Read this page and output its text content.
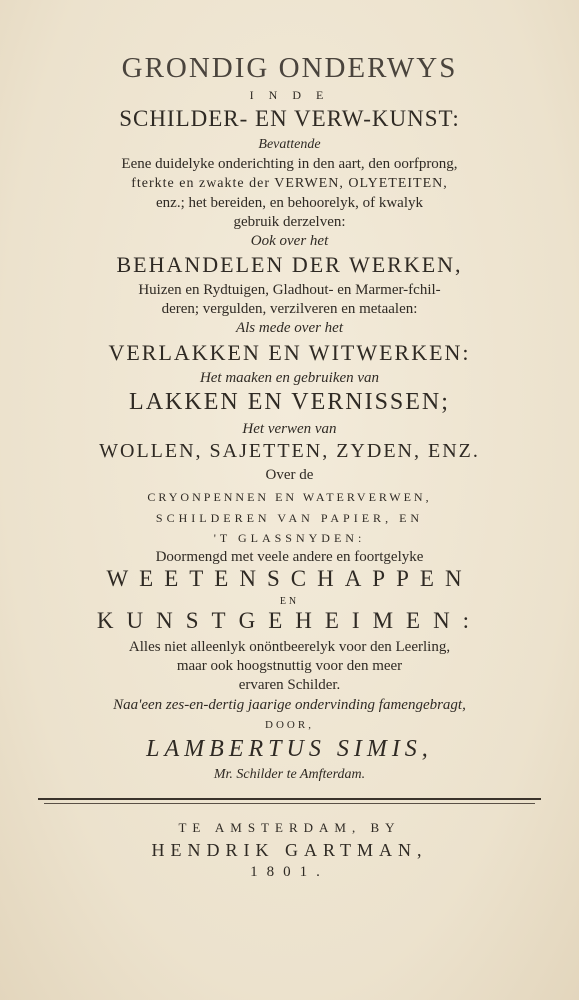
GRONDIG ONDERWYS
I N D E
SCHILDER- EN VERW-KUNST:
Bevattende
Eene duidelyke onderichting in den aart, den oorfprong,
fterkte en zwakte der VERWEN, OLYETEITEN,
enz.; het bereiden, en behoorelyk, of kwalyk
gebruik derzelven:
Ook over het
BEHANDELEN DER WERKEN,
Huizen en Rydtuigen, Gladhout- en Marmer-fchil-
deren; vergulden, verzilveren en metaalen:
Als mede over het
VERLAKKEN EN WITWERKEN:
Het maaken en gebruiken van
LAKKEN EN VERNISSEN;
Het verwen van
WOLLEN, SAJETTEN, ZYDEN, ENZ.
Over de
CRYONPENNEN EN WATERVERWEN,
SCHILDEREN VAN PAPIER, EN
'T GLASSNYDEN:
Doormengd met veele andere en foortgelyke
WEETENSCHAPPEN
EN
KUNSTGEHEIMEN:
Alles niet alleenlyk onöntbeerelyk voor den Leerling,
maar ook hoogstnuttig voor den meer
ervaren Schilder.
Naa'een zes-en-dertig jaarige ondervinding famengebragt,
DOOR,
LAMBERTUS SIMIS,
Mr. Schilder te Amfterdam.
TE AMSTERDAM, BY
HENDRIK GARTMAN,
1801.
